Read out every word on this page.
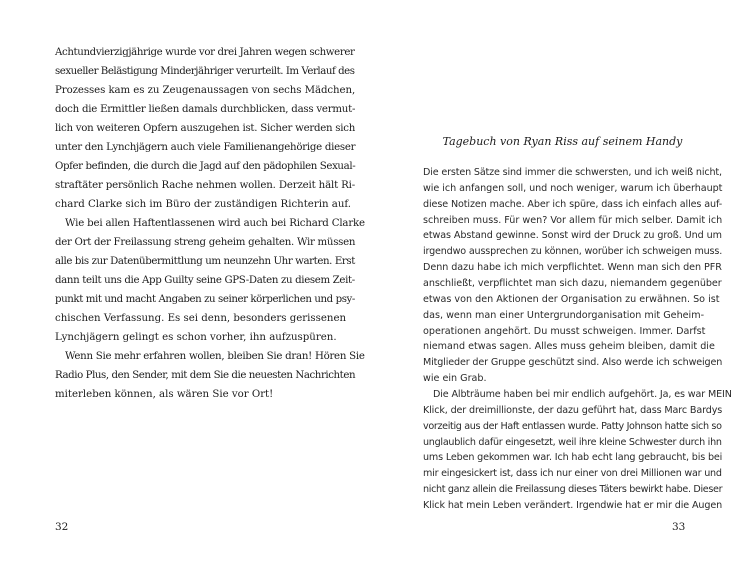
Achtundvierzigjährige wurde vor drei Jahren wegen schwerer
sexueller Belästigung Minderjähriger verurteilt. Im Verlauf des
Prozesses kam es zu Zeugenaussagen von sechs Mädchen,
doch die Ermittler ließen damals durchblicken, dass vermut-
lich von weiteren Opfern auszugehen ist. Sicher werden sich
unter den Lynchjägern auch viele Familienangehörige dieser
Opfer befinden, die durch die Jagd auf den pädophilen Sexual-
straftäter persönlich Rache nehmen wollen. Derzeit hält Ri-
chard Clarke sich im Büro der zuständigen Richterin auf.
Wie bei allen Haftentlassenen wird auch bei Richard Clarke
der Ort der Freilassung streng geheim gehalten. Wir müssen
alle bis zur Datenübermittlung um neunzehn Uhr warten. Erst
dann teilt uns die App Guilty seine GPS-Daten zu diesem Zeit-
punkt mit und macht Angaben zu seiner körperlichen und psy-
chischen Verfassung. Es sei denn, besonders gerissenen
Lynchjägern gelingt es schon vorher, ihn aufzuspüren.
Wenn Sie mehr erfahren wollen, bleiben Sie dran! Hören Sie
Radio Plus, den Sender, mit dem Sie die neuesten Nachrichten
miterleben können, als wären Sie vor Ort!
32
Tagebuch von Ryan Riss auf seinem Handy
Die ersten Sätze sind immer die schwersten, und ich weiß nicht,
wie ich anfangen soll, und noch weniger, warum ich überhaupt
diese Notizen mache. Aber ich spüre, dass ich einfach alles auf-
schreiben muss. Für wen? Vor allem für mich selber. Damit ich
etwas Abstand gewinne. Sonst wird der Druck zu groß. Und um
irgendwo aussprechen zu können, worüber ich schweigen muss.
Denn dazu habe ich mich verpflichtet. Wenn man sich den PFR
anschließt, verpflichtet man sich dazu, niemandem gegenüber
etwas von den Aktionen der Organisation zu erwähnen. So ist
das, wenn man einer Untergrundorganisation mit Geheim-
operationen angehört. Du musst schweigen. Immer. Darfst
niemand etwas sagen. Alles muss geheim bleiben, damit die
Mitglieder der Gruppe geschützt sind. Also werde ich schweigen
wie ein Grab.
Die Albträume haben bei mir endlich aufgehört. Ja, es war MEIN
Klick, der dreimillionste, der dazu geführt hat, dass Marc Bardys
vorzeitig aus der Haft entlassen wurde. Patty Johnson hatte sich so
unglaublich dafür eingesetzt, weil ihre kleine Schwester durch ihn
ums Leben gekommen war. Ich hab echt lang gebraucht, bis bei
mir eingesickert ist, dass ich nur einer von drei Millionen war und
nicht ganz allein die Freilassung dieses Täters bewirkt habe. Dieser
Klick hat mein Leben verändert. Irgendwie hat er mir die Augen
33
